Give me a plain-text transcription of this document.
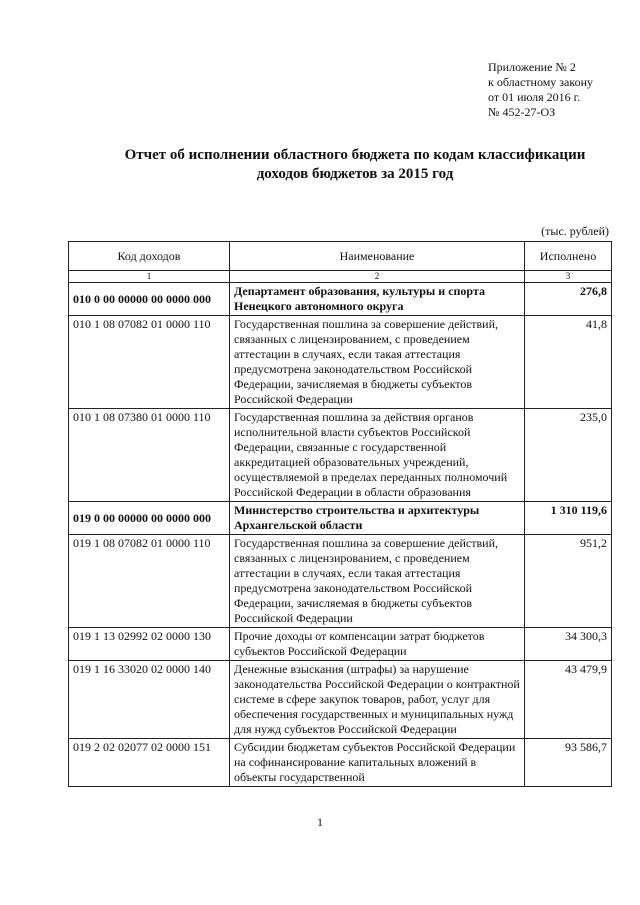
Приложение № 2
к областному закону
от 01 июля 2016 г.
№ 452-27-ОЗ
Отчет об исполнении областного бюджета по кодам классификации
доходов бюджетов за 2015 год
(тыс. рублей)
Код доходов	Наименование	Исполнено
1	2	3
010 0 00 00000 00 0000 000	Департамент образования, культуры и спорта Ненецкого автономного округа	276,8
010 1 08 07082 01 0000 110	Государственная пошлина за совершение действий, связанных с лицензированием, с проведением аттестации в случаях, если такая аттестация предусмотрена законодательством Российской Федерации, зачисляемая в бюджеты субъектов Российской Федерации	41,8
010 1 08 07380 01 0000 110	Государственная пошлина за действия органов исполнительной власти субъектов Российской Федерации, связанные с государственной аккредитацией образовательных учреждений, осуществляемой в пределах переданных полномочий Российской Федерации в области образования	235,0
019 0 00 00000 00 0000 000	Министерство строительства и архитектуры Архангельской области	1 310 119,6
019 1 08 07082 01 0000 110	Государственная пошлина за совершение действий, связанных с лицензированием, с проведением аттестации в случаях, если такая аттестация предусмотрена законодательством Российской Федерации, зачисляемая в бюджеты субъектов Российской Федерации	951,2
019 1 13 02992 02 0000 130	Прочие доходы от компенсации затрат бюджетов субъектов Российской Федерации	34 300,3
019 1 16 33020 02 0000 140	Денежные взыскания (штрафы) за нарушение законодательства Российской Федерации о контрактной системе в сфере закупок товаров, работ, услуг для обеспечения государственных и муниципальных нужд для нужд субъектов Российской Федерации	43 479,9
019 2 02 02077 02 0000 151	Субсидии бюджетам субъектов Российской Федерации на софинансирование капитальных вложений в объекты государственной	93 586,7
1
